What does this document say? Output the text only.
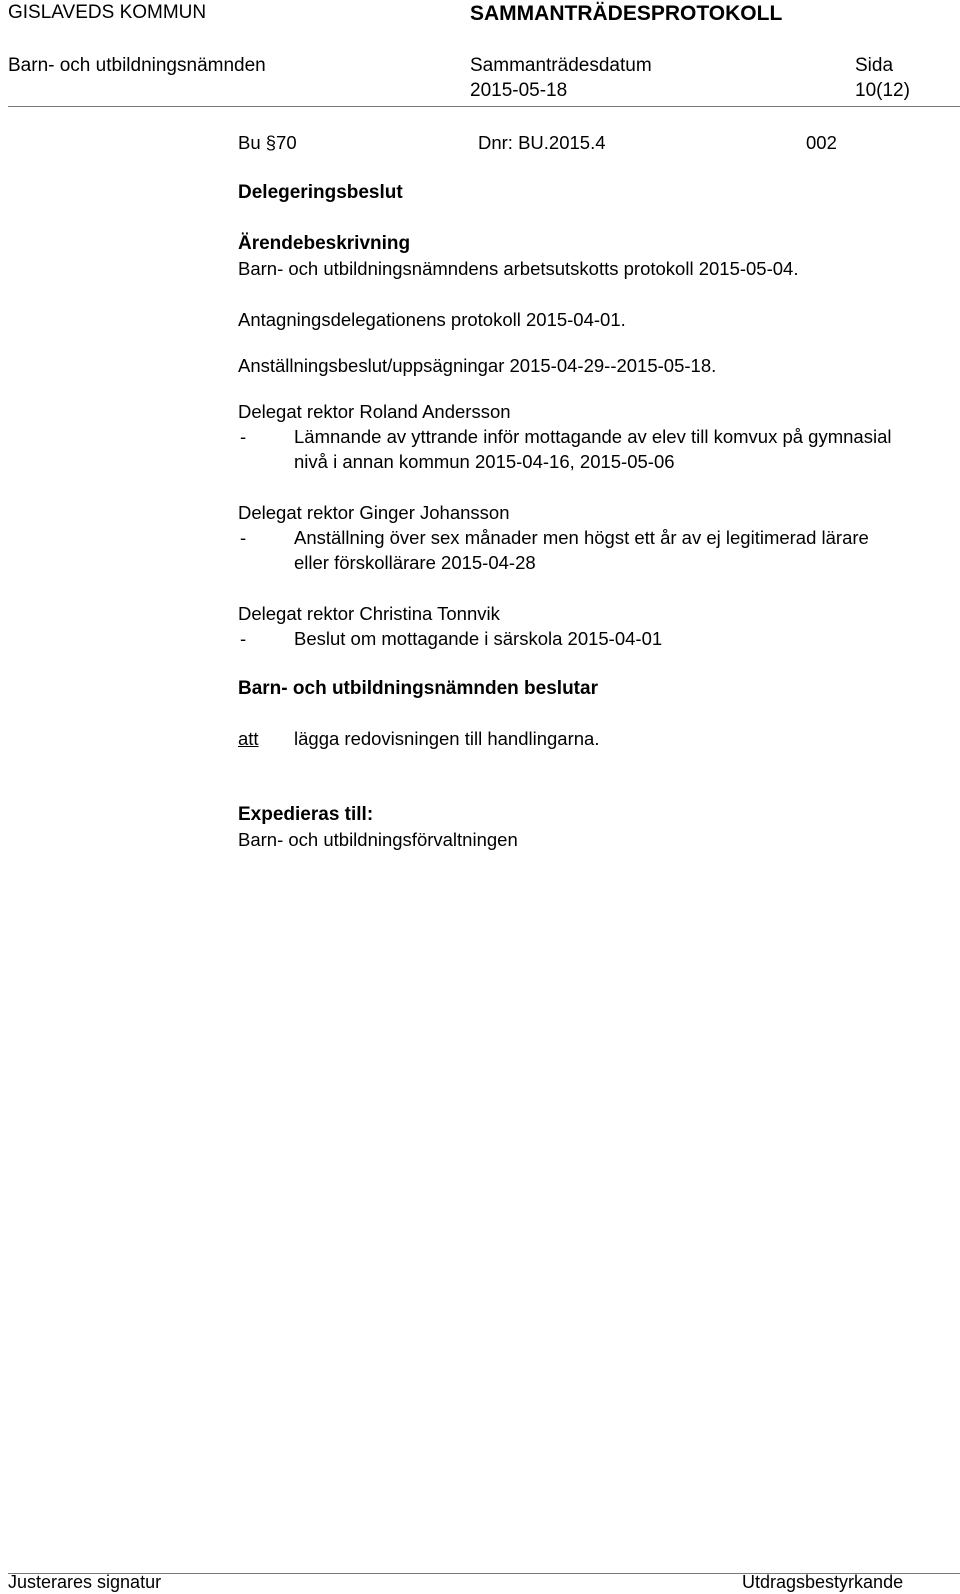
GISLAVEDS KOMMUN	SAMMANTRÄDESPROTOKOLL
Barn- och utbildningsnämnden	Sammanträdesdatum
2015-05-18
Sida
10(12)
Bu §70	Dnr: BU.2015.4	002
Delegeringsbeslut
Ärendebeskrivning
Barn- och utbildningsnämndens arbetsutskotts protokoll 2015-05-04.
Antagningsdelegationens protokoll 2015-04-01.
Anställningsbeslut/uppsägningar 2015-04-29--2015-05-18.
Delegat rektor Roland Andersson
-	Lämnande av yttrande inför mottagande av elev till komvux på gymnasial
nivå i annan kommun 2015-04-16, 2015-05-06
Delegat rektor Ginger Johansson
-	Anställning över sex månader men högst ett år av ej legitimerad lärare
eller förskollärare 2015-04-28
Delegat rektor Christina Tonnvik
-	Beslut om mottagande i särskola 2015-04-01
Barn- och utbildningsnämnden beslutar
att lägga redovisningen till handlingarna.
Expedieras till:
Barn- och utbildningsförvaltningen
Justerares signatur	Utdragsbestyrkande
